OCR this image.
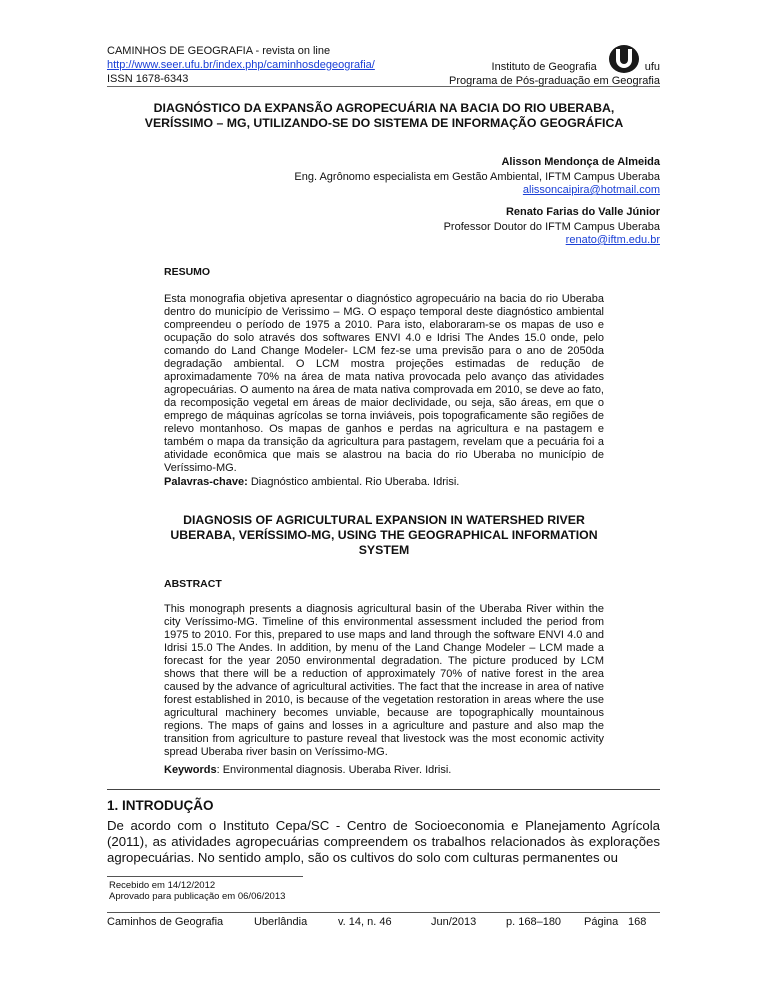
CAMINHOS DE GEOGRAFIA - revista on line
http://www.seer.ufu.br/index.php/caminhosdegeografia/
ISSN 1678-6343
Instituto de Geografia	ufu
Programa de Pós-graduação em Geografia
DIAGNÓSTICO DA EXPANSÃO AGROPECUÁRIA NA BACIA DO RIO UBERABA, VERÍSSIMO – MG, UTILIZANDO-SE DO SISTEMA DE INFORMAÇÃO GEOGRÁFICA
Alisson Mendonça de Almeida
Eng. Agrônomo especialista em Gestão Ambiental, IFTM Campus Uberaba
alissoncaipira@hotmail.com
Renato Farias do Valle Júnior
Professor Doutor do IFTM Campus Uberaba
renato@iftm.edu.br
RESUMO
Esta monografia objetiva apresentar o diagnóstico agropecuário na bacia do rio Uberaba dentro do município de Verissimo – MG. O espaço temporal deste diagnóstico ambiental compreendeu o período de 1975 a 2010. Para isto, elaboraram-se os mapas de uso e ocupação do solo através dos softwares ENVI 4.0 e Idrisi The Andes 15.0 onde, pelo comando do Land Change Modeler- LCM fez-se uma previsão para o ano de 2050da degradação ambiental. O LCM mostra projeções estimadas de redução de aproximadamente 70% na área de mata nativa provocada pelo avanço das atividades agropecuárias. O aumento na área de mata nativa comprovada em 2010, se deve ao fato, da recomposição vegetal em áreas de maior declividade, ou seja, são áreas, em que o emprego de máquinas agrícolas se torna inviáveis, pois topograficamente são regiões de relevo montanhoso. Os mapas de ganhos e perdas na agricultura e na pastagem e também o mapa da transição da agricultura para pastagem, revelam que a pecuária foi a atividade econômica que mais se alastrou na bacia do rio Uberaba no município de Veríssimo-MG.
Palavras-chave: Diagnóstico ambiental. Rio Uberaba. Idrisi.
DIAGNOSIS OF AGRICULTURAL EXPANSION IN WATERSHED RIVER UBERABA, VERÍSSIMO-MG, USING THE GEOGRAPHICAL INFORMATION SYSTEM
ABSTRACT
This monograph presents a diagnosis agricultural basin of the Uberaba River within the city Veríssimo-MG. Timeline of this environmental assessment included the period from 1975 to 2010. For this, prepared to use maps and land through the software ENVI 4.0 and Idrisi 15.0 The Andes. In addition, by menu of the Land Change Modeler – LCM made a forecast for the year 2050 environmental degradation. The picture produced by LCM shows that there will be a reduction of approximately 70% of native forest in the area caused by the advance of agricultural activities. The fact that the increase in area of native forest established in 2010, is because of the vegetation restoration in areas where the use agricultural machinery becomes unviable, because are topographically mountainous regions. The maps of gains and losses in a agriculture and pasture and also map the transition from agriculture to pasture reveal that livestock was the most economic activity spread Uberaba river basin on Veríssimo-MG.
Keywords: Environmental diagnosis. Uberaba River. Idrisi.
1. INTRODUÇÃO
De acordo com o Instituto Cepa/SC - Centro de Socioeconomia e Planejamento Agrícola (2011), as atividades agropecuárias compreendem os trabalhos relacionados às explorações agropecuárias. No sentido amplo, são os cultivos do solo com culturas permanentes ou
Recebido em 14/12/2012
Aprovado para publicação em 06/06/2013
Caminhos de Geografia	Uberlândia	v. 14, n. 46	Jun/2013	p. 168–180	Página 168
